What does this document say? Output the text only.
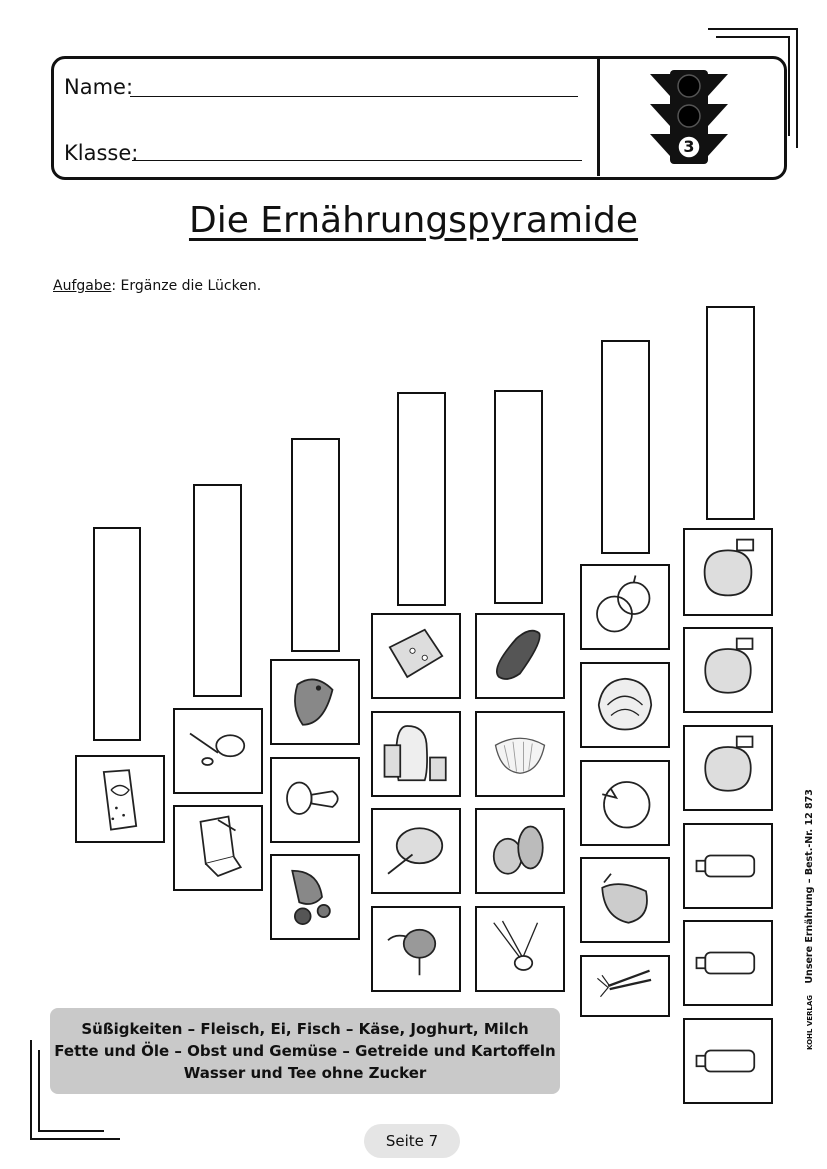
Name:
Klasse:	3
Die Ernährungspyramide
Aufgabe: Ergänze die Lücken.
Süßigkeiten – Fleisch, Ei, Fisch – Käse, Joghurt, Milch
Fette und Öle – Obst und Gemüse – Getreide und Kartoffeln
Wasser und Tee ohne Zucker
KOHL VERLAG Unsere Ernährung – Best.-Nr. 12 873
Seite 7
